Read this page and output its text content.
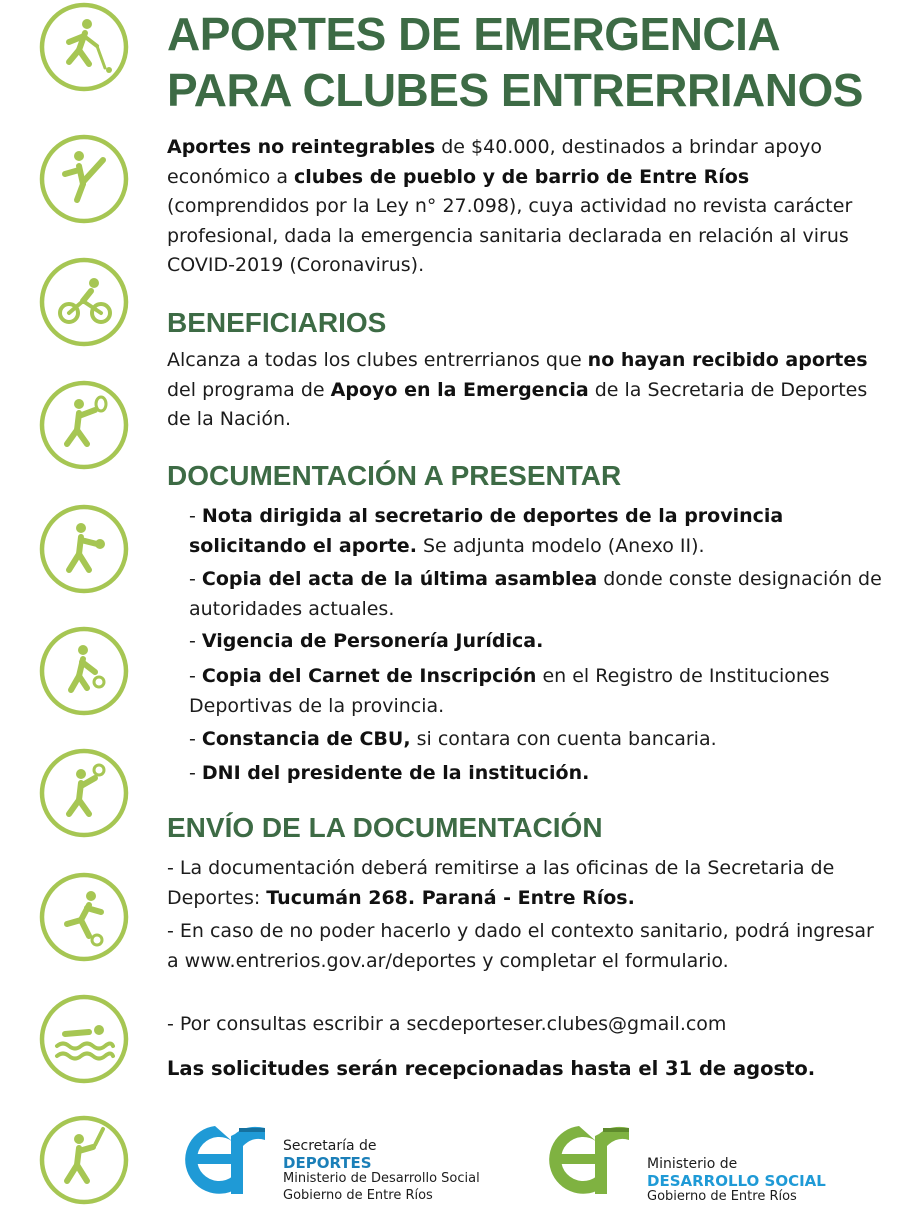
APORTES DE EMERGENCIA
PARA CLUBES ENTRERRIANOS
Aportes no reintegrables de $40.000, destinados a brindar apoyo económico a clubes de pueblo y de barrio de Entre Ríos (comprendidos por la Ley n° 27.098), cuya actividad no revista carácter profesional, dada la emergencia sanitaria declarada en relación al virus COVID-2019 (Coronavirus).
BENEFICIARIOS
Alcanza a todas los clubes entrerrianos que no hayan recibido aportes del programa de Apoyo en la Emergencia de la Secretaria de Deportes de la Nación.
DOCUMENTACIÓN A PRESENTAR
- Nota dirigida al secretario de deportes de la provincia solicitando el aporte. Se adjunta modelo (Anexo II).
- Copia del acta de la última asamblea donde conste designación de autoridades actuales.
- Vigencia de Personería Jurídica.
- Copia del Carnet de Inscripción en el Registro de Instituciones Deportivas de la provincia.
- Constancia de CBU, si contara con cuenta bancaria.
- DNI del presidente de la institución.
ENVÍO DE LA DOCUMENTACIÓN
- La documentación deberá remitirse a las oficinas de la Secretaria de Deportes: Tucumán 268. Paraná - Entre Ríos.
- En caso de no poder hacerlo y dado el contexto sanitario, podrá ingresar a www.entrerios.gov.ar/deportes y completar el formulario.
- Por consultas escribir a secdeporteser.clubes@gmail.com
Las solicitudes serán recepcionadas hasta el 31 de agosto.
Secretaría de
DEPORTES
Ministerio de Desarrollo Social
Gobierno de Entre Ríos
Ministerio de
DESARROLLO SOCIAL
Gobierno de Entre Ríos
